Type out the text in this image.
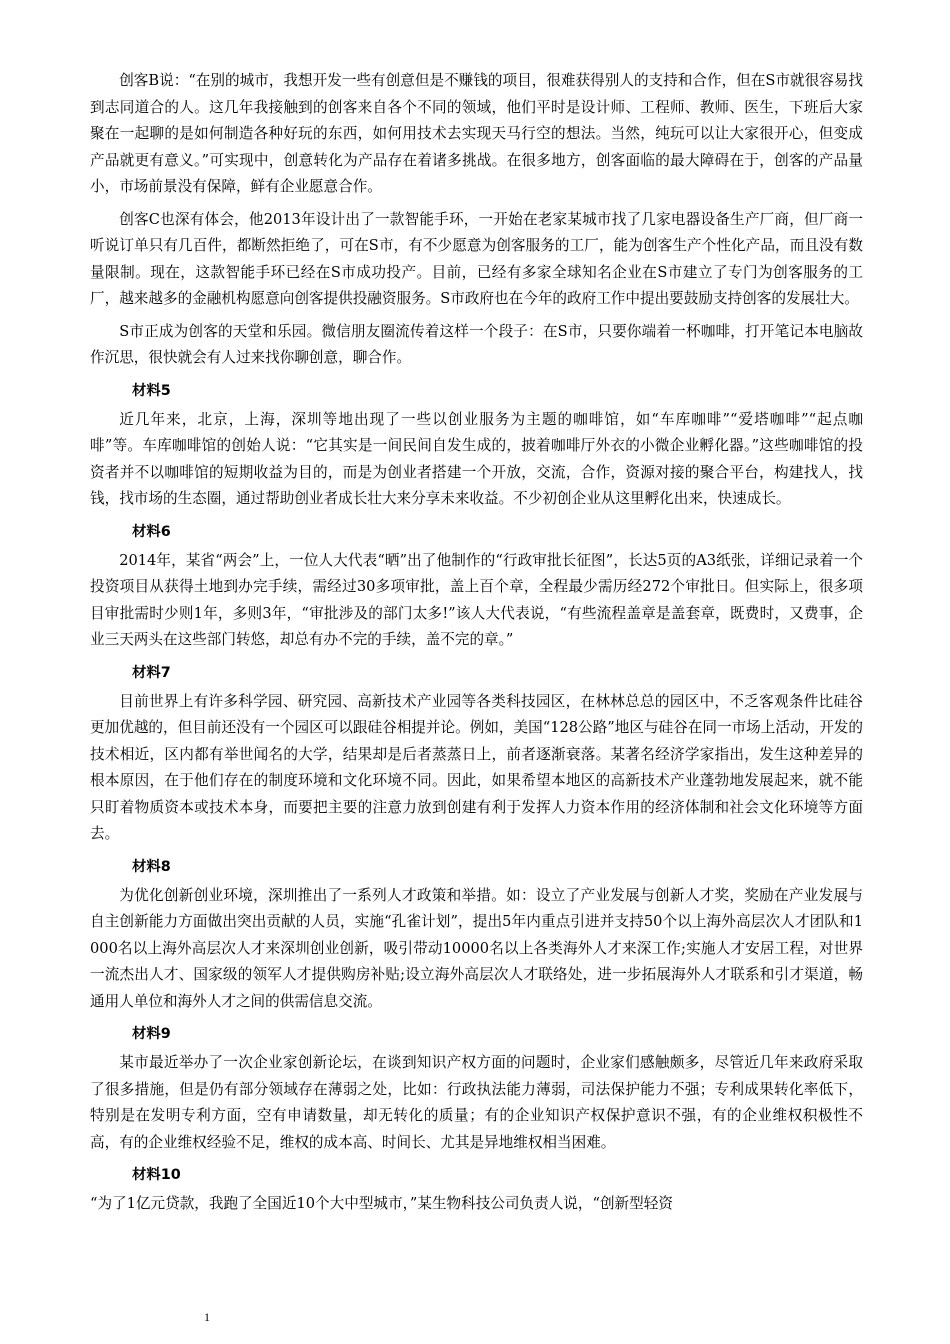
创客B说：“在别的城市，我想开发一些有创意但是不赚钱的项目，很难获得别人的支持和合作，但在S市就很容易找到志同道合的人。这几年我接触到的创客来自各个不同的领域，他们平时是设计师、工程师、教师、医生，下班后大家聚在一起聊的是如何制造各种好玩的东西，如何用技术去实现天马行空的想法。当然，纯玩可以让大家很开心，但变成产品就更有意义。”可实现中，创意转化为产品存在着诸多挑战。在很多地方，创客面临的最大障碍在于，创客的产品量小，市场前景没有保障，鲜有企业愿意合作。

创客C也深有体会，他2013年设计出了一款智能手环，一开始在老家某城市找了几家电器设备生产厂商，但厂商一听说订单只有几百件，都断然拒绝了，可在S市，有不少愿意为创客服务的工厂，能为创客生产个性化产品，而且没有数量限制。现在，这款智能手环已经在S市成功投产。目前，已经有多家全球知名企业在S市建立了专门为创客服务的工厂，越来越多的金融机构愿意向创客提供投融资服务。S市政府也在今年的政府工作中提出要鼓励支持创客的发展壮大。

S市正成为创客的天堂和乐园。微信朋友圈流传着这样一个段子：在S市，只要你端着一杯咖啡，打开笔记本电脑故作沉思，很快就会有人过来找你聊创意，聊合作。

材料5

近几年来，北京，上海，深圳等地出现了一些以创业服务为主题的咖啡馆，如“车库咖啡”“爱塔咖啡”“起点咖啡”等。车库咖啡馆的创始人说：“它其实是一间民间自发生成的，披着咖啡厅外衣的小微企业孵化器。”这些咖啡馆的投资者并不以咖啡馆的短期收益为目的，而是为创业者搭建一个开放，交流，合作，资源对接的聚合平台，构建找人，找钱，找市场的生态圈，通过帮助创业者成长壮大来分享未来收益。不少初创企业从这里孵化出来，快速成长。

材料6

2014年，某省“两会”上，一位人大代表“晒”出了他制作的“行政审批长征图”，长达5页的A3纸张，详细记录着一个投资项目从获得土地到办完手续，需经过30多项审批，盖上百个章，全程最少需历经272个审批日。但实际上，很多项目审批需时少则1年，多则3年，“审批涉及的部门太多!”该人大代表说，“有些流程盖章是盖套章，既费时，又费事，企业三天两头在这些部门转悠，却总有办不完的手续，盖不完的章。”

材料7

目前世界上有许多科学园、研究园、高新技术产业园等各类科技园区，在林林总总的园区中，不乏客观条件比硅谷更加优越的，但目前还没有一个园区可以跟硅谷相提并论。例如，美国“128公路”地区与硅谷在同一市场上活动，开发的技术相近，区内都有举世闻名的大学，结果却是后者蒸蒸日上，前者逐渐衰落。某著名经济学家指出，发生这种差异的根本原因，在于他们存在的制度环境和文化环境不同。因此，如果希望本地区的高新技术产业蓬勃地发展起来，就不能只盯着物质资本或技术本身，而要把主要的注意力放到创建有利于发挥人力资本作用的经济体制和社会文化环境等方面去。

材料8

为优化创新创业环境，深圳推出了一系列人才政策和举措。如：设立了产业发展与创新人才奖，奖励在产业发展与自主创新能力方面做出突出贡献的人员，实施“孔雀计划”，提出5年内重点引进并支持50个以上海外高层次人才团队和1000名以上海外高层次人才来深圳创业创新，吸引带动10000名以上各类海外人才来深工作;实施人才安居工程，对世界一流杰出人才、国家级的领军人才提供购房补贴;设立海外高层次人才联络处，进一步拓展海外人才联系和引才渠道，畅通用人单位和海外人才之间的供需信息交流。

材料9

某市最近举办了一次企业家创新论坛，在谈到知识产权方面的问题时，企业家们感触颇多，尽管近几年来政府采取了很多措施，但是仍有部分领域存在薄弱之处，比如：行政执法能力薄弱，司法保护能力不强；专利成果转化率低下，特别是在发明专利方面，空有申请数量，却无转化的质量；有的企业知识产权保护意识不强，有的企业维权积极性不高，有的企业维权经验不足，维权的成本高、时间长、尤其是异地维权相当困难。

材料10

“为了1亿元贷款，我跑了全国近10个大中型城市，”某生物科技公司负责人说，“创新型轻资

1
